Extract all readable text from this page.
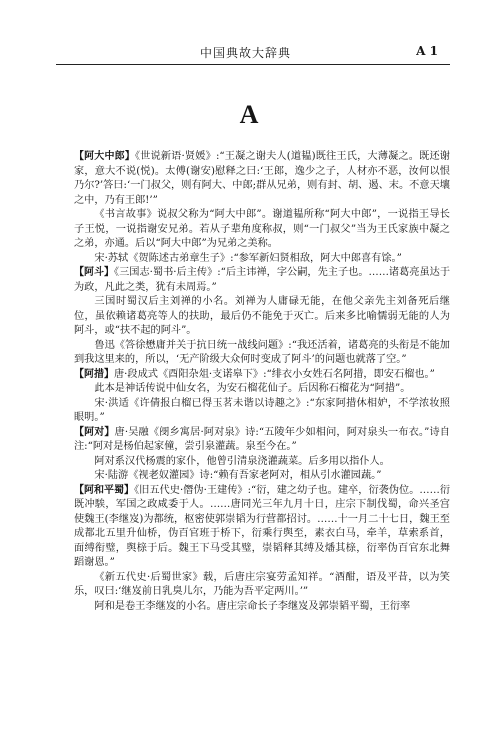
中国典故大辞典	A 1
A

【阿大中郎】《世说新语·贤媛》:“王凝之谢夫人(道韫)既往王氏，大薄凝之。既还谢家，意大不说(悦)。太傅(谢安)慰释之曰:‘王郎，逸少之子，人材亦不恶，汝何以恨乃尔?’答曰:‘一门叔父，则有阿大、中郎;群从兄弟，则有封、胡、遏、末。不意天壤之中，乃有王郎!’”

《书言故事》说叔父称为“阿大中郎”。谢道韫所称“阿大中郎”，一说指王导长子王悦，一说指谢安兄弟。若从子辈角度称叔，则“一门叔父”当为王氏家族中凝之之弟，亦通。后以“阿大中郎”为兄弟之美称。

宋·苏轼《贺陈述古弟章生子》:“参军新妇贤相敌，阿大中郎喜有馀。”

【阿斗】《三国志·蜀书·后主传》:“后主讳禅，字公嗣，先主子也。……诸葛亮虽达于为政，凡此之类，犹有未周焉。”

三国时蜀汉后主刘禅的小名。刘禅为人庸碌无能，在他父亲先主刘备死后继位，虽依赖诸葛亮等人的扶助，最后仍不能免于灭亡。后来多比喻懦弱无能的人为阿斗，或“扶不起的阿斗”。

鲁迅《答徐懋庸并关于抗日统一战线问题》:“我还活着，诸葛亮的头衔是不能加到我这里来的，所以，‘无产阶级大众何时变成了阿斗’的问题也就落了空。”

【阿措】唐·段成式《酉阳杂俎·支诺皋下》:“绯衣小女姓石名阿措，即安石榴也。”

此本是神话传说中仙女名，为安石榴花仙子。后因称石榴花为“阿措”。

宋·洪适《许倩报白榴已得玉茗未谐以诗趣之》:“东家阿措休相妒，不学浓妆照眼明。”

【阿对】唐·吴融《阌乡寓居·阿对泉》诗:“五陵年少如相问，阿对泉头一布衣。”诗自注:“阿对是杨伯起家僮，尝引泉灌蔬。泉至今在。”

阿对系汉代杨震的家仆，他曾引清泉浇灌蔬菜。后多用以指仆人。

宋·陆游《视老奴灌园》诗:“赖有吾家老阿对，相从引水灌园蔬。”

【阿和平蜀】《旧五代史·僭伪·王建传》:“衍，建之幼子也。建卒，衍袭伪位。……衍既冲騃，军国之政咸委于人。……唐同光三年九月十日，庄宗下制伐蜀，命兴圣宫使魏王(李继岌)为都统，枢密使郭崇韬为行营都招讨。……十一月二十七日，魏王至成都北五里升仙桥，伪百官班于桥下，衍乘行舆至，素衣白马，牵羊，草索系首，面缚衔璧，舆榇于后。魏王下马受其璧，崇韬释其缚及燔其榇，衍率伪百官东北舞蹈谢恩。”

《新五代史·后蜀世家》载，后唐庄宗宴劳孟知祥。“酒酣，语及平昔，以为笑乐，叹曰:‘继岌前日乳臭儿尔，乃能为吾平定两川。’”

阿和是卷王李继岌的小名。唐庄宗命长子李继岌及郭崇韬平蜀，王衍率
